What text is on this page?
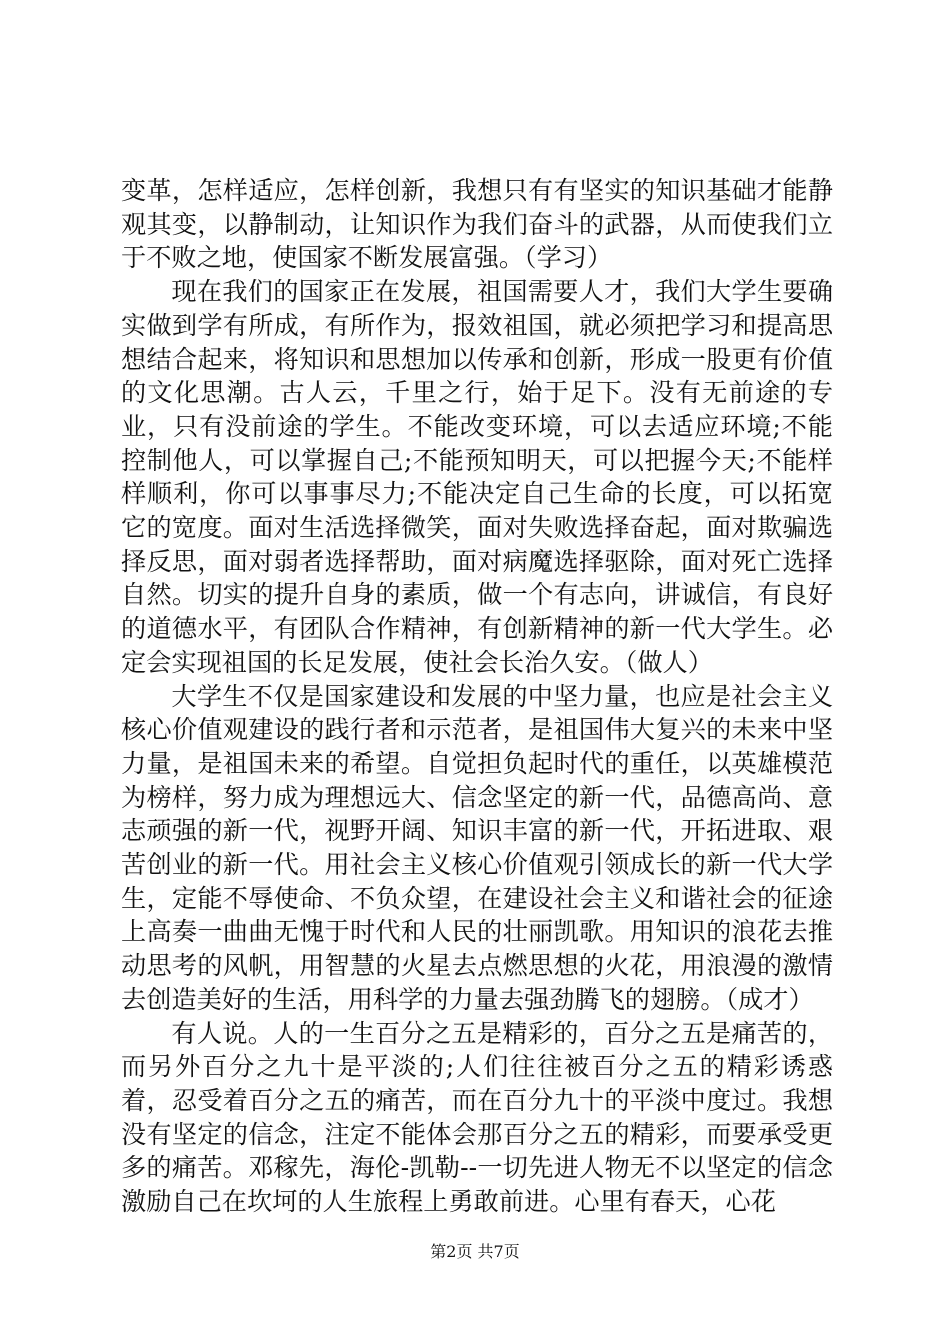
变革，怎样适应，怎样创新，我想只有有坚实的知识基础才能静观其变，以静制动，让知识作为我们奋斗的武器，从而使我们立于不败之地，使国家不断发展富强。（学习）

现在我们的国家正在发展，祖国需要人才，我们大学生要确实做到学有所成，有所作为，报效祖国，就必须把学习和提高思想结合起来，将知识和思想加以传承和创新，形成一股更有价值的文化思潮。古人云，千里之行，始于足下。没有无前途的专业，只有没前途的学生。不能改变环境，可以去适应环境;不能控制他人，可以掌握自己;不能预知明天，可以把握今天;不能样样顺利，你可以事事尽力;不能决定自己生命的长度，可以拓宽它的宽度。面对生活选择微笑，面对失败选择奋起，面对欺骗选择反思，面对弱者选择帮助，面对病魔选择驱除，面对死亡选择自然。切实的提升自身的素质，做一个有志向，讲诚信，有良好的道德水平，有团队合作精神，有创新精神的新一代大学生。必定会实现祖国的长足发展，使社会长治久安。（做人）

大学生不仅是国家建设和发展的中坚力量，也应是社会主义核心价值观建设的践行者和示范者，是祖国伟大复兴的未来中坚力量，是祖国未来的希望。自觉担负起时代的重任，以英雄模范为榜样，努力成为理想远大、信念坚定的新一代，品德高尚、意志顽强的新一代，视野开阔、知识丰富的新一代，开拓进取、艰苦创业的新一代。用社会主义核心价值观引领成长的新一代大学生，定能不辱使命、不负众望，在建设社会主义和谐社会的征途上高奏一曲曲无愧于时代和人民的壮丽凯歌。用知识的浪花去推动思考的风帆，用智慧的火星去点燃思想的火花，用浪漫的激情去创造美好的生活，用科学的力量去强劲腾飞的翅膀。（成才）

有人说。人的一生百分之五是精彩的，百分之五是痛苦的，而另外百分之九十是平淡的;人们往往被百分之五的精彩诱惑着，忍受着百分之五的痛苦，而在百分九十的平淡中度过。我想没有坚定的信念，注定不能体会那百分之五的精彩，而要承受更多的痛苦。邓稼先，海伦-凯勒--一切先进人物无不以坚定的信念激励自己在坎坷的人生旅程上勇敢前进。心里有春天，心花

第2页 共7页
